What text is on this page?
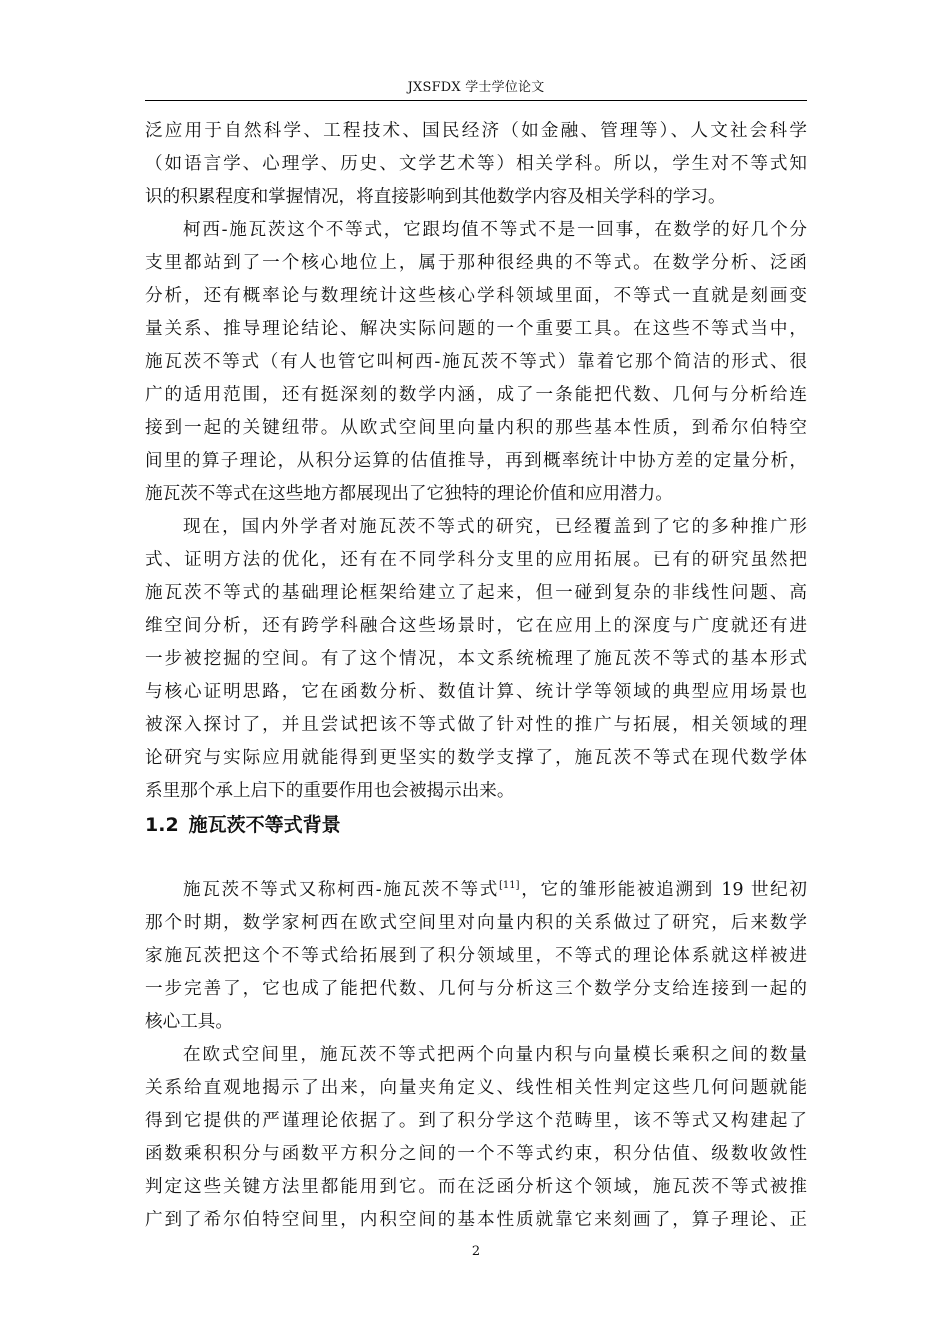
JXSFDX 学士学位论文
泛应用于自然科学、工程技术、国民经济（如金融、管理等）、人文社会科学
（如语言学、心理学、历史、文学艺术等）相关学科。所以，学生对不等式知
识的积累程度和掌握情况，将直接影响到其他数学内容及相关学科的学习。
柯西-施瓦茨这个不等式，它跟均值不等式不是一回事，在数学的好几个分
支里都站到了一个核心地位上，属于那种很经典的不等式。在数学分析、泛函
分析，还有概率论与数理统计这些核心学科领域里面，不等式一直就是刻画变
量关系、推导理论结论、解决实际问题的一个重要工具。在这些不等式当中，
施瓦茨不等式（有人也管它叫柯西-施瓦茨不等式）靠着它那个简洁的形式、很
广的适用范围，还有挺深刻的数学内涵，成了一条能把代数、几何与分析给连
接到一起的关键纽带。从欧式空间里向量内积的那些基本性质，到希尔伯特空
间里的算子理论，从积分运算的估值推导，再到概率统计中协方差的定量分析，
施瓦茨不等式在这些地方都展现出了它独特的理论价值和应用潜力。
现在，国内外学者对施瓦茨不等式的研究，已经覆盖到了它的多种推广形
式、证明方法的优化，还有在不同学科分支里的应用拓展。已有的研究虽然把
施瓦茨不等式的基础理论框架给建立了起来，但一碰到复杂的非线性问题、高
维空间分析，还有跨学科融合这些场景时，它在应用上的深度与广度就还有进
一步被挖掘的空间。有了这个情况，本文系统梳理了施瓦茨不等式的基本形式
与核心证明思路，它在函数分析、数值计算、统计学等领域的典型应用场景也
被深入探讨了，并且尝试把该不等式做了针对性的推广与拓展，相关领域的理
论研究与实际应用就能得到更坚实的数学支撑了，施瓦茨不等式在现代数学体
系里那个承上启下的重要作用也会被揭示出来。
1.2 施瓦茨不等式背景
施瓦茨不等式又称柯西-施瓦茨不等式[11]，它的雏形能被追溯到 19 世纪初
那个时期，数学家柯西在欧式空间里对向量内积的关系做过了研究，后来数学
家施瓦茨把这个不等式给拓展到了积分领域里，不等式的理论体系就这样被进
一步完善了，它也成了能把代数、几何与分析这三个数学分支给连接到一起的
核心工具。
在欧式空间里，施瓦茨不等式把两个向量内积与向量模长乘积之间的数量
关系给直观地揭示了出来，向量夹角定义、线性相关性判定这些几何问题就能
得到它提供的严谨理论依据了。到了积分学这个范畴里，该不等式又构建起了
函数乘积积分与函数平方积分之间的一个不等式约束，积分估值、级数收敛性
判定这些关键方法里都能用到它。而在泛函分析这个领域，施瓦茨不等式被推
广到了希尔伯特空间里，内积空间的基本性质就靠它来刻画了，算子理论、正
2
